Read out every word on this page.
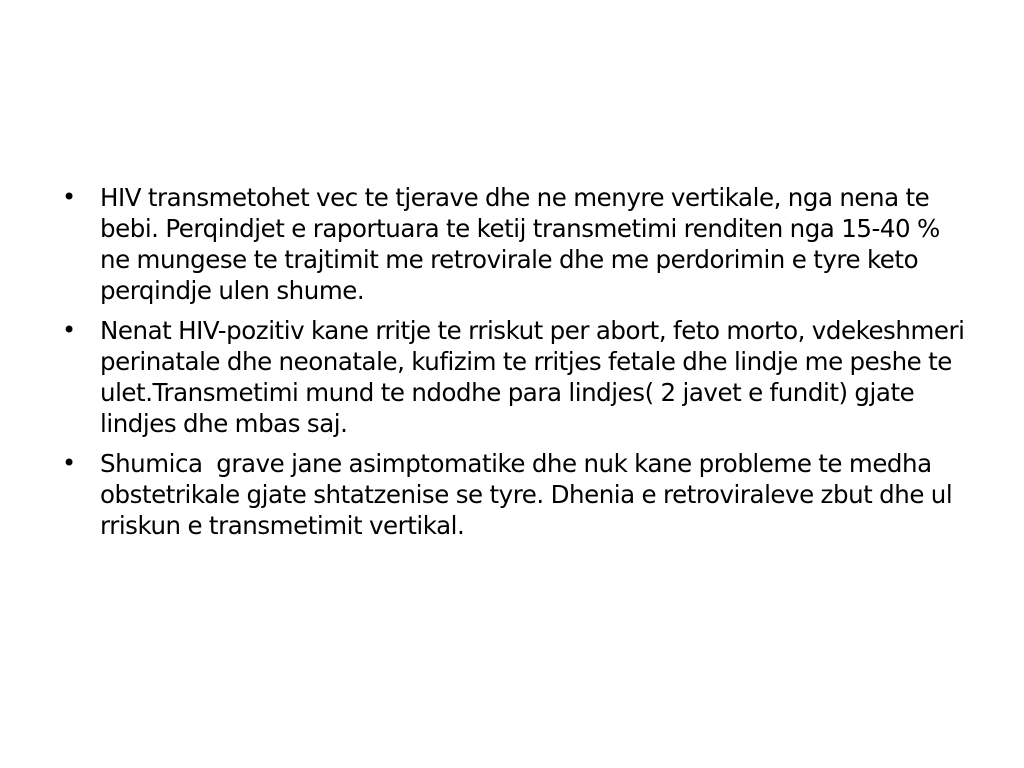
• HIV transmetohet vec te tjerave dhe ne menyre vertikale, nga nena te bebi. Perqindjet e raportuara te ketij transmetimi renditen nga 15-40 % ne mungese te trajtimit me retrovirale dhe me perdorimin e tyre keto perqindje ulen shume.
• Nenat HIV-pozitiv kane rritje te rriskut per abort, feto morto, vdekeshmeri perinatale dhe neonatale, kufizim te rritjes fetale dhe lindje me peshe te ulet.Transmetimi mund te ndodhe para lindjes( 2 javet e fundit) gjate lindjes dhe mbas saj.
• Shumica  grave jane asimptomatike dhe nuk kane probleme te medha obstetrikale gjate shtatzenise se tyre. Dhenia e retroviraleve zbut dhe ul rriskun e transmetimit vertikal.
